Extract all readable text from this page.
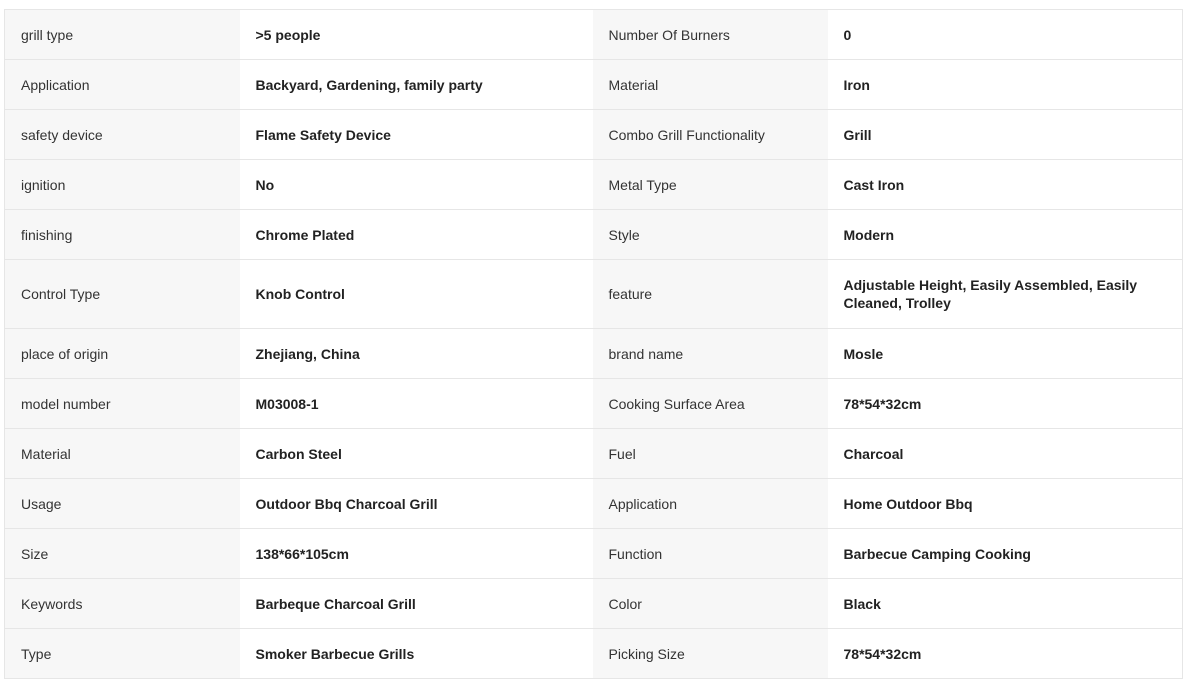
grill type	>5 people	Number Of Burners	0
Application	Backyard, Gardening, family party	Material	Iron
safety device	Flame Safety Device	Combo Grill Functionality	Grill
ignition	No	Metal Type	Cast Iron
finishing	Chrome Plated	Style	Modern
Control Type	Knob Control	feature	Adjustable Height, Easily Assembled, Easily Cleaned, Trolley
place of origin	Zhejiang, China	brand name	Mosle
model number	M03008-1	Cooking Surface Area	78*54*32cm
Material	Carbon Steel	Fuel	Charcoal
Usage	Outdoor Bbq Charcoal Grill	Application	Home Outdoor Bbq
Size	138*66*105cm	Function	Barbecue Camping Cooking
Keywords	Barbeque Charcoal Grill	Color	Black
Type	Smoker Barbecue Grills	Picking Size	78*54*32cm
